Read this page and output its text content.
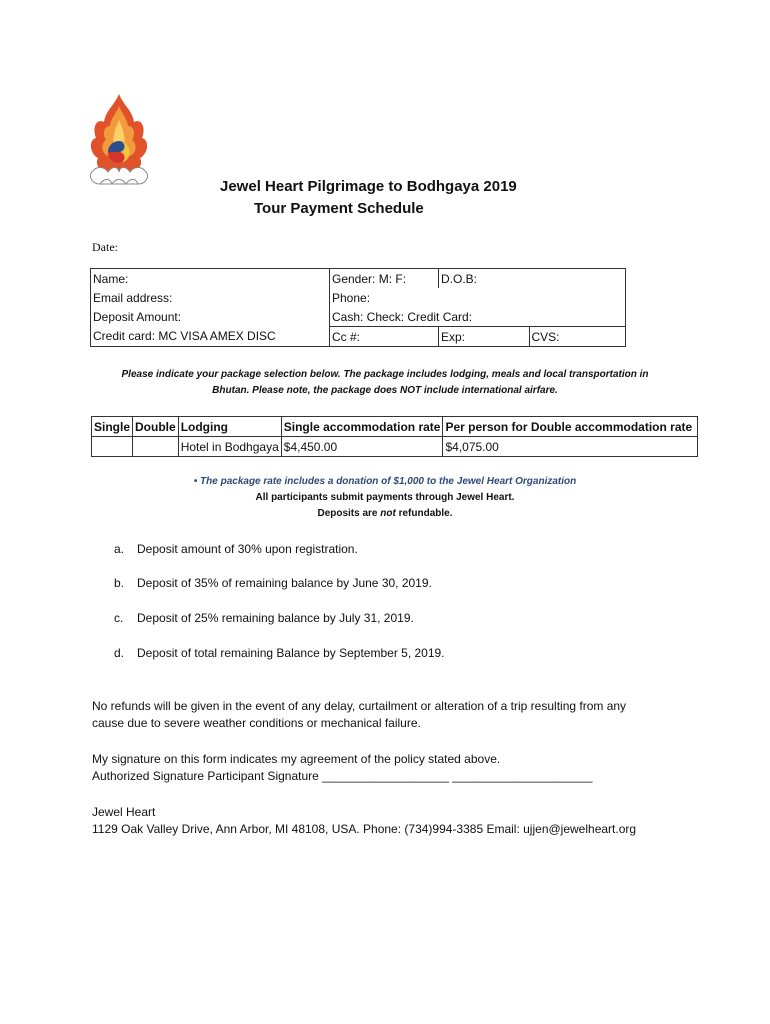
Jewel Heart Pilgrimage to Bodhgaya 2019
Tour Payment Schedule
Date:
Name:	Gender: M: F:	D.O.B:	
Email address:	Phone:		
Deposit Amount:	Cash: Check: Credit Card:		
Credit card: MC VISA AMEX DISC	Cc #:	Exp:	CVS:
Please indicate your package selection below. The package includes lodging, meals and local transportation in
Bhutan. Please note, the package does NOT include international airfare.
Single	Double	Lodging	Single accommodation rate	Per person for Double accommodation rate
		Hotel in Bodhgaya	$4,450.00	$4,075.00
• The package rate includes a donation of $1,000 to the Jewel Heart Organization
All participants submit payments through Jewel Heart.
Deposits are not refundable.
a. Deposit amount of 30% upon registration.
b. Deposit of 35% of remaining balance by June 30, 2019.
c. Deposit of 25% remaining balance by July 31, 2019.
d. Deposit of total remaining Balance by September 5, 2019.
No refunds will be given in the event of any delay, curtailment or alteration of a trip resulting from any
cause due to severe weather conditions or mechanical failure.
My signature on this form indicates my agreement of the policy stated above.
Authorized Signature Participant Signature ___________________ _____________________
Jewel Heart
1129 Oak Valley Drive, Ann Arbor, MI 48108, USA. Phone: (734)994-3385 Email: ujjen@jewelheart.org
